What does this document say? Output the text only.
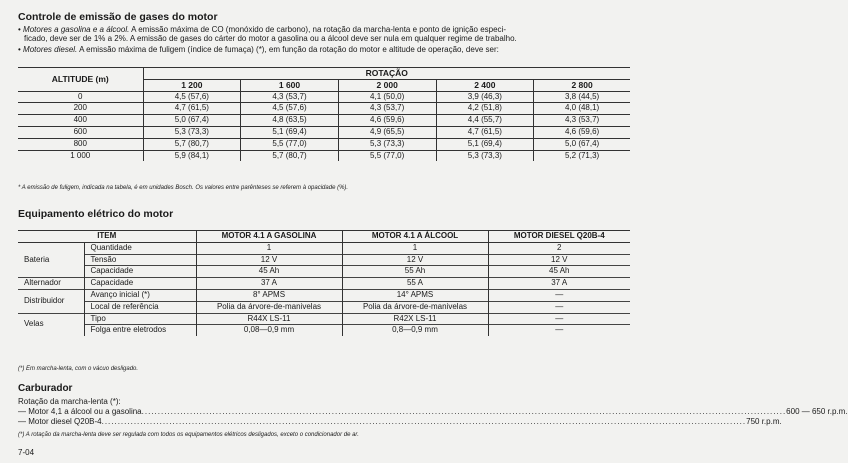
Controle de emissão de gases do motor
• Motores a gasolina e a álcool. A emissão máxima de CO (monóxido de carbono), na rotação da marcha-lenta e ponto de ignição especi-
ficado, deve ser de 1% a 2%. A emissão de gases do cárter do motor a gasolina ou a álcool deve ser nula em qualquer regime de trabalho.
• Motores diesel. A emissão máxima de fuligem (índice de fumaça) (*), em função da rotação do motor e altitude de operação, deve ser:
ALTITUDE (m)	ROTAÇÃO				
	1 200	1 600	2 000	2 400	2 800
0	4,5 (57,6)	4,3 (53,7)	4,1 (50,0)	3,9 (46,3)	3,8 (44,5)
200	4,7 (61,5)	4,5 (57,6)	4,3 (53,7)	4,2 (51,8)	4,0 (48,1)
400	5,0 (67,4)	4,8 (63,5)	4,6 (59,6)	4,4 (55,7)	4,3 (53,7)
600	5,3 (73,3)	5,1 (69,4)	4,9 (65,5)	4,7 (61,5)	4,6 (59,6)
800	5,7 (80,7)	5,5 (77,0)	5,3 (73,3)	5,1 (69,4)	5,0 (67,4)
1 000	5,9 (84,1)	5,7 (80,7)	5,5 (77,0)	5,3 (73,3)	5,2 (71,3)
* A emissão de fuligem, indicada na tabela, é em unidades Bosch. Os valores entre parênteses se referem à opacidade (%).
Equipamento elétrico do motor
ITEM		MOTOR 4.1 A GASOLINA	MOTOR 4.1 A ÁLCOOL	MOTOR DIESEL Q20B-4
Bateria	Quantidade	1	1	2
	Tensão	12 V	12 V	12 V
	Capacidade	45 Ah	55 Ah	45 Ah
Alternador	Capacidade	37 A	55 A	37 A
Distribuidor	Avanço inicial (*)	8° APMS	14° APMS	—
	Local de referência	Polia da árvore-de-manivelas	Polia da árvore-de-manivelas	—
Velas	Tipo	R44X LS-11	R42X LS-11	—
	Folga entre eletrodos	0,08—0,9 mm	0,8—0,9 mm	—
(*) Em marcha-lenta, com o vácuo desligado.
Carburador
Rotação da marcha-lenta (*):
— Motor 4,1 a álcool ou a gasolina ........................................................................................................................................................................................................ 600 — 650 r.p.m.
— Motor diesel Q20B-4 ........................................................................................................................................................................................................ 750 r.p.m.
(*) A rotação da marcha-lenta deve ser regulada com todos os equipamentos elétricos desligados, exceto o condicionador de ar.
7-04
